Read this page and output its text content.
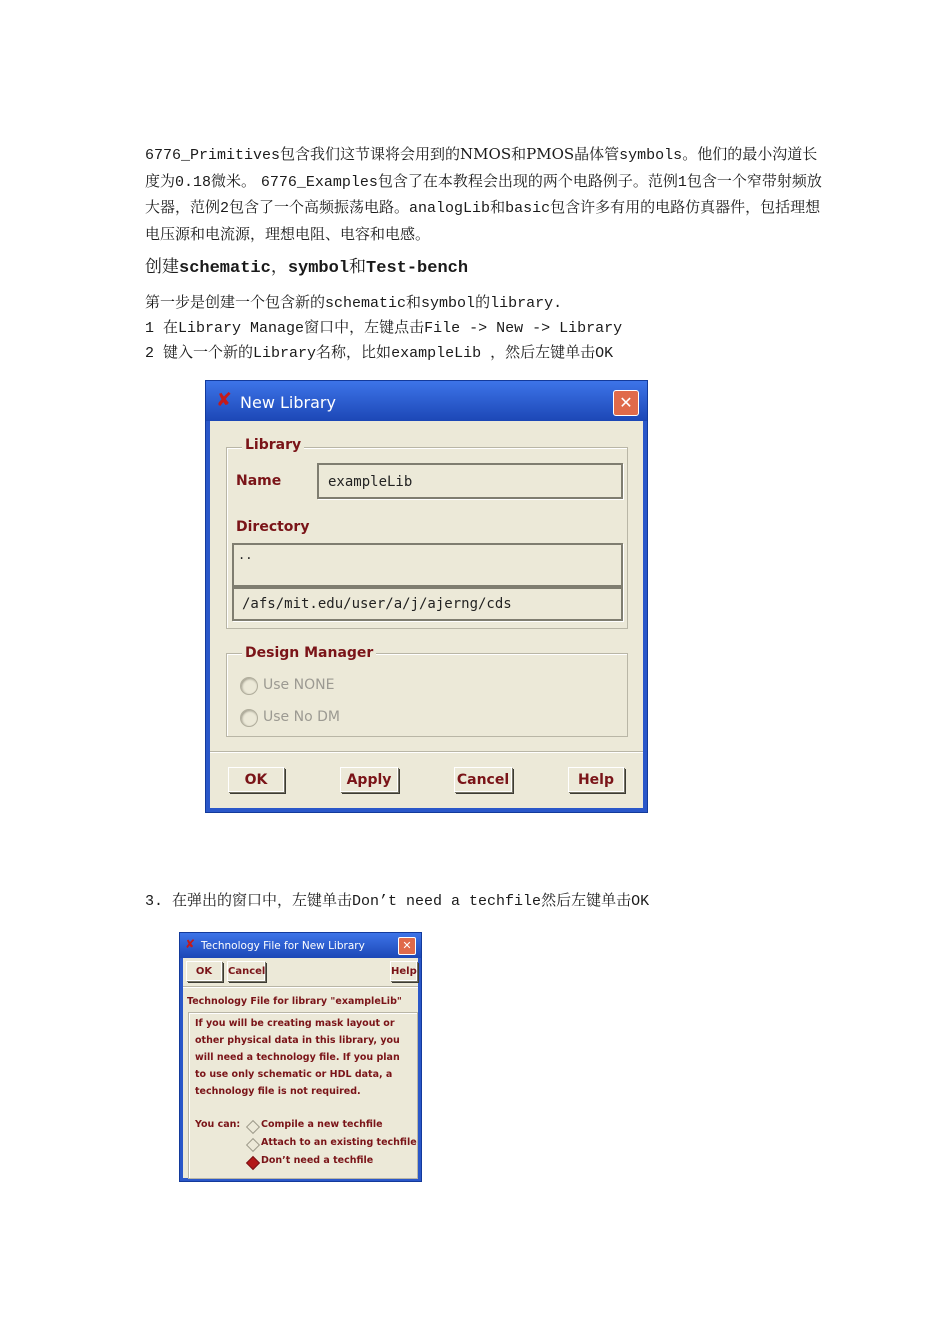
6776_Primitives包含我们这节课将会用到的NMOS和PMOS晶体管symbols。他们的最小沟道长度为0.18微米。 6776_Examples包含了在本教程会出现的两个电路例子。范例1包含一个窄带射频放大器，范例2包含了一个高频振荡电路。analogLib和basic包含许多有用的电路仿真器件，包括理想电压源和电流源，理想电阻、电容和电感。
创建schematic，symbol和Test-bench
第一步是创建一个包含新的schematic和symbol的library.
1 在Library Manage窗口中，左键点击File -> New -> Library
2 键入一个新的Library名称，比如exampleLib ，然后左键单击OK
✘ New Library	✕
Library
Name	exampleLib
Directory
..
/afs/mit.edu/user/a/j/ajerng/cds
Design Manager
Use NONE
Use No DM
OK	Apply	Cancel	Help
3. 在弹出的窗口中，左键单击Don’t need a techfile然后左键单击OK
✘ Technology File for New Library	✕
OK	Cancel	Help
Technology File for library "exampleLib"
If you will be creating mask layout or
other physical data in this library, you
will need a technology file. If you plan
to use only schematic or HDL data, a
technology file is not required.
You can: Compile a new techfile
Attach to an existing techfile
Don’t need a techfile
